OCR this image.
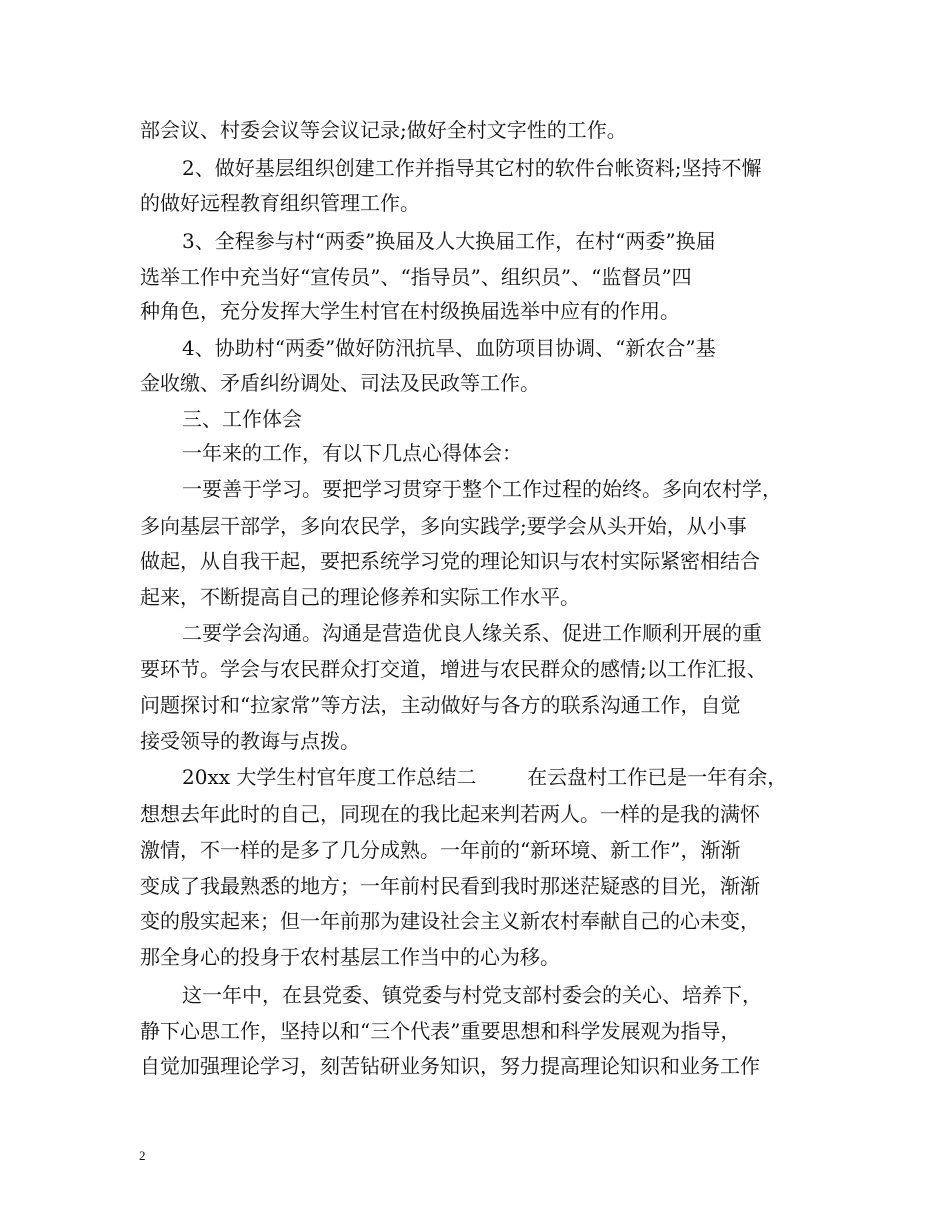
部会议、村委会议等会议记录;做好全村文字性的工作。
2、做好基层组织创建工作并指导其它村的软件台帐资料;坚持不懈
的做好远程教育组织管理工作。
3、全程参与村“两委”换届及人大换届工作，在村“两委”换届
选举工作中充当好“宣传员”、“指导员”、组织员”、“监督员”四
种角色，充分发挥大学生村官在村级换届选举中应有的作用。
4、协助村“两委”做好防汛抗旱、血防项目协调、“新农合”基
金收缴、矛盾纠纷调处、司法及民政等工作。
三、工作体会
一年来的工作，有以下几点心得体会：
一要善于学习。要把学习贯穿于整个工作过程的始终。多向农村学，
多向基层干部学，多向农民学，多向实践学;要学会从头开始，从小事
做起，从自我干起，要把系统学习党的理论知识与农村实际紧密相结合
起来，不断提高自己的理论修养和实际工作水平。
二要学会沟通。沟通是营造优良人缘关系、促进工作顺利开展的重
要环节。学会与农民群众打交道，增进与农民群众的感情;以工作汇报、
问题探讨和“拉家常”等方法，主动做好与各方的联系沟通工作，自觉
接受领导的教诲与点拨。
20xx 大学生村官年度工作总结二        在云盘村工作已是一年有余，
想想去年此时的自己，同现在的我比起来判若两人。一样的是我的满怀
激情，不一样的是多了几分成熟。一年前的“新环境、新工作”，渐渐
变成了我最熟悉的地方；一年前村民看到我时那迷茫疑惑的目光，渐渐
变的殷实起来；但一年前那为建设社会主义新农村奉献自己的心未变，
那全身心的投身于农村基层工作当中的心为移。
这一年中，在县党委、镇党委与村党支部村委会的关心、培养下，
静下心思工作，坚持以和“三个代表”重要思想和科学发展观为指导，
自觉加强理论学习，刻苦钻研业务知识，努力提高理论知识和业务工作
2
